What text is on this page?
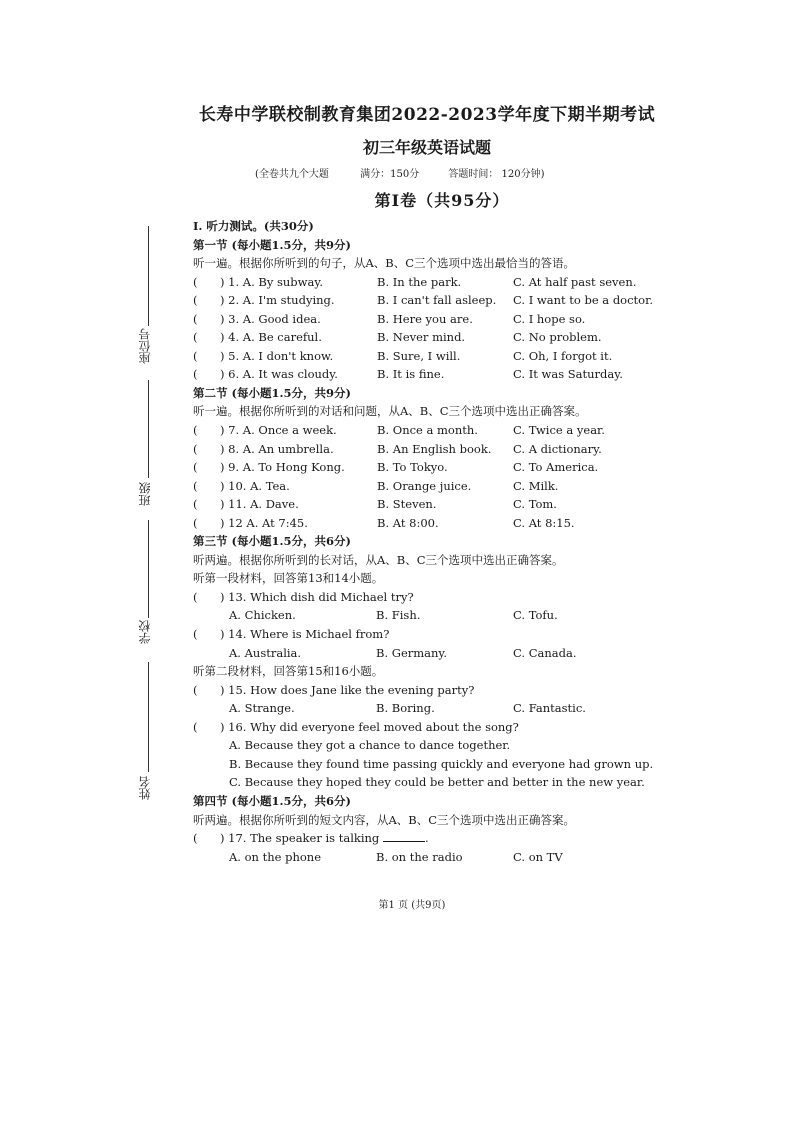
座位号
班级
学校
姓名
长寿中学联校制教育集团2022-2023学年度下期半期考试
初三年级英语试题
(全卷共九个大题	满分：150分	答题时间： 120分钟)
第Ⅰ卷（共95分）
I. 听力测试。(共30分)
第一节 (每小题1.5分，共9分)
听一遍。根据你所听到的句子，从A、B、C三个选项中选出最恰当的答语。
( ) 1. A. By subway.	B. In the park.	C. At half past seven.
( ) 2. A. I'm studying.	B. I can't fall asleep. C. I want to be a doctor.
( ) 3. A. Good idea.	B. Here you are.	C. I hope so.
( ) 4. A. Be careful.	B. Never mind.	C. No problem.
( ) 5. A. I don't know.	B. Sure, I will.	C. Oh, I forgot it.
( ) 6. A. It was cloudy.	B. It is fine.	C. It was Saturday.
第二节 (每小题1.5分，共9分)
听一遍。根据你所听到的对话和问题，从A、B、C三个选项中选出正确答案。
( ) 7. A. Once a week.	B. Once a month.	C. Twice a year.
( ) 8. A. An umbrella.	B. An English book. C. A dictionary.
( ) 9. A. To Hong Kong.	B. To Tokyo.	C. To America.
( ) 10. A. Tea.	B. Orange juice.	C. Milk.
( ) 11. A. Dave.	B. Steven.	C. Tom.
( ) 12 A. At 7:45.	B. At 8:00.	C. At 8:15.
第三节 (每小题1.5分，共6分)
听两遍。根据你所听到的长对话，从A、B、C三个选项中选出正确答案。
听第一段材料，回答第13和14小题。
( ) 13. Which dish did Michael try?
A. Chicken.	B. Fish.	C. Tofu.
( ) 14. Where is Michael from?
A. Australia.	B. Germany.	C. Canada.
听第二段材料，回答第15和16小题。
( ) 15. How does Jane like the evening party?
A. Strange.	B. Boring.	C. Fantastic.
( ) 16. Why did everyone feel moved about the song?
A. Because they got a chance to dance together.
B. Because they found time passing quickly and everyone had grown up.
C. Because they hoped they could be better and better in the new year.
第四节 (每小题1.5分，共6分)
听两遍。根据你所听到的短文内容，从A、B、C三个选项中选出正确答案。
( ) 17. The speaker is talking	.
A. on the phone	B. on the radio	C. on TV
第1 页 (共9页)
